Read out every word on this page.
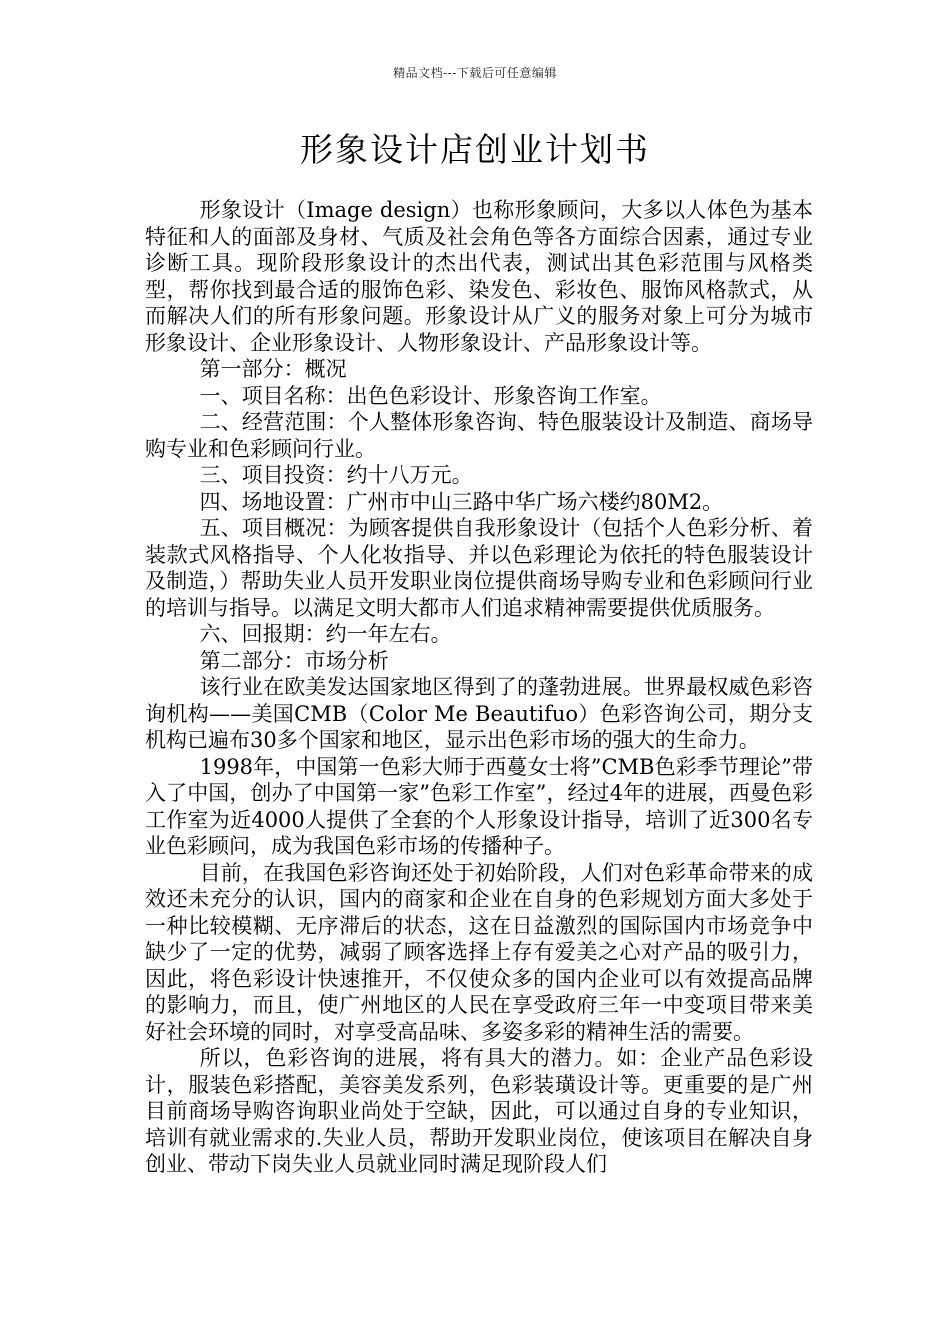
精品文档---下载后可任意编辑
形象设计店创业计划书

形象设计（Image design）也称形象顾问，大多以人体色为基本特征和人的面部及身材、气质及社会角色等各方面综合因素，通过专业诊断工具。现阶段形象设计的杰出代表，测试出其色彩范围与风格类型，帮你找到最合适的服饰色彩、染发色、彩妆色、服饰风格款式，从而解决人们的所有形象问题。形象设计从广义的服务对象上可分为城市形象设计、企业形象设计、人物形象设计、产品形象设计等。

第一部分：概况

一、项目名称：出色色彩设计、形象咨询工作室。

二、经营范围：个人整体形象咨询、特色服装设计及制造、商场导购专业和色彩顾问行业。

三、项目投资：约十八万元。

四、场地设置：广州市中山三路中华广场六楼约80M2。

五、项目概况：为顾客提供自我形象设计（包括个人色彩分析、着装款式风格指导、个人化妆指导、并以色彩理论为依托的特色服装设计及制造，）帮助失业人员开发职业岗位提供商场导购专业和色彩顾问行业的培训与指导。以满足文明大都市人们追求精神需要提供优质服务。

六、回报期：约一年左右。

第二部分：市场分析

该行业在欧美发达国家地区得到了的蓬勃进展。世界最权威色彩咨询机构——美国CMB（Color Me Beautifuo）色彩咨询公司，期分支机构已遍布30多个国家和地区，显示出色彩市场的强大的生命力。

1998年，中国第一色彩大师于西蔓女士将”CMB色彩季节理论”带入了中国，创办了中国第一家”色彩工作室”，经过4年的进展，西曼色彩工作室为近4000人提供了全套的个人形象设计指导，培训了近300名专业色彩顾问，成为我国色彩市场的传播种子。

目前，在我国色彩咨询还处于初始阶段，人们对色彩革命带来的成效还未充分的认识，国内的商家和企业在自身的色彩规划方面大多处于一种比较模糊、无序滞后的状态，这在日益激烈的国际国内市场竞争中缺少了一定的优势，减弱了顾客选择上存有爱美之心对产品的吸引力，因此，将色彩设计快速推开，不仅使众多的国内企业可以有效提高品牌的影响力，而且，使广州地区的人民在享受政府三年一中变项目带来美好社会环境的同时，对享受高品味、多姿多彩的精神生活的需要。

所以，色彩咨询的进展，将有具大的潜力。如：企业产品色彩设计，服装色彩搭配，美容美发系列，色彩装璜设计等。更重要的是广州目前商场导购咨询职业尚处于空缺，因此，可以通过自身的专业知识，培训有就业需求的.失业人员，帮助开发职业岗位，使该项目在解决自身创业、带动下岗失业人员就业同时满足现阶段人们
